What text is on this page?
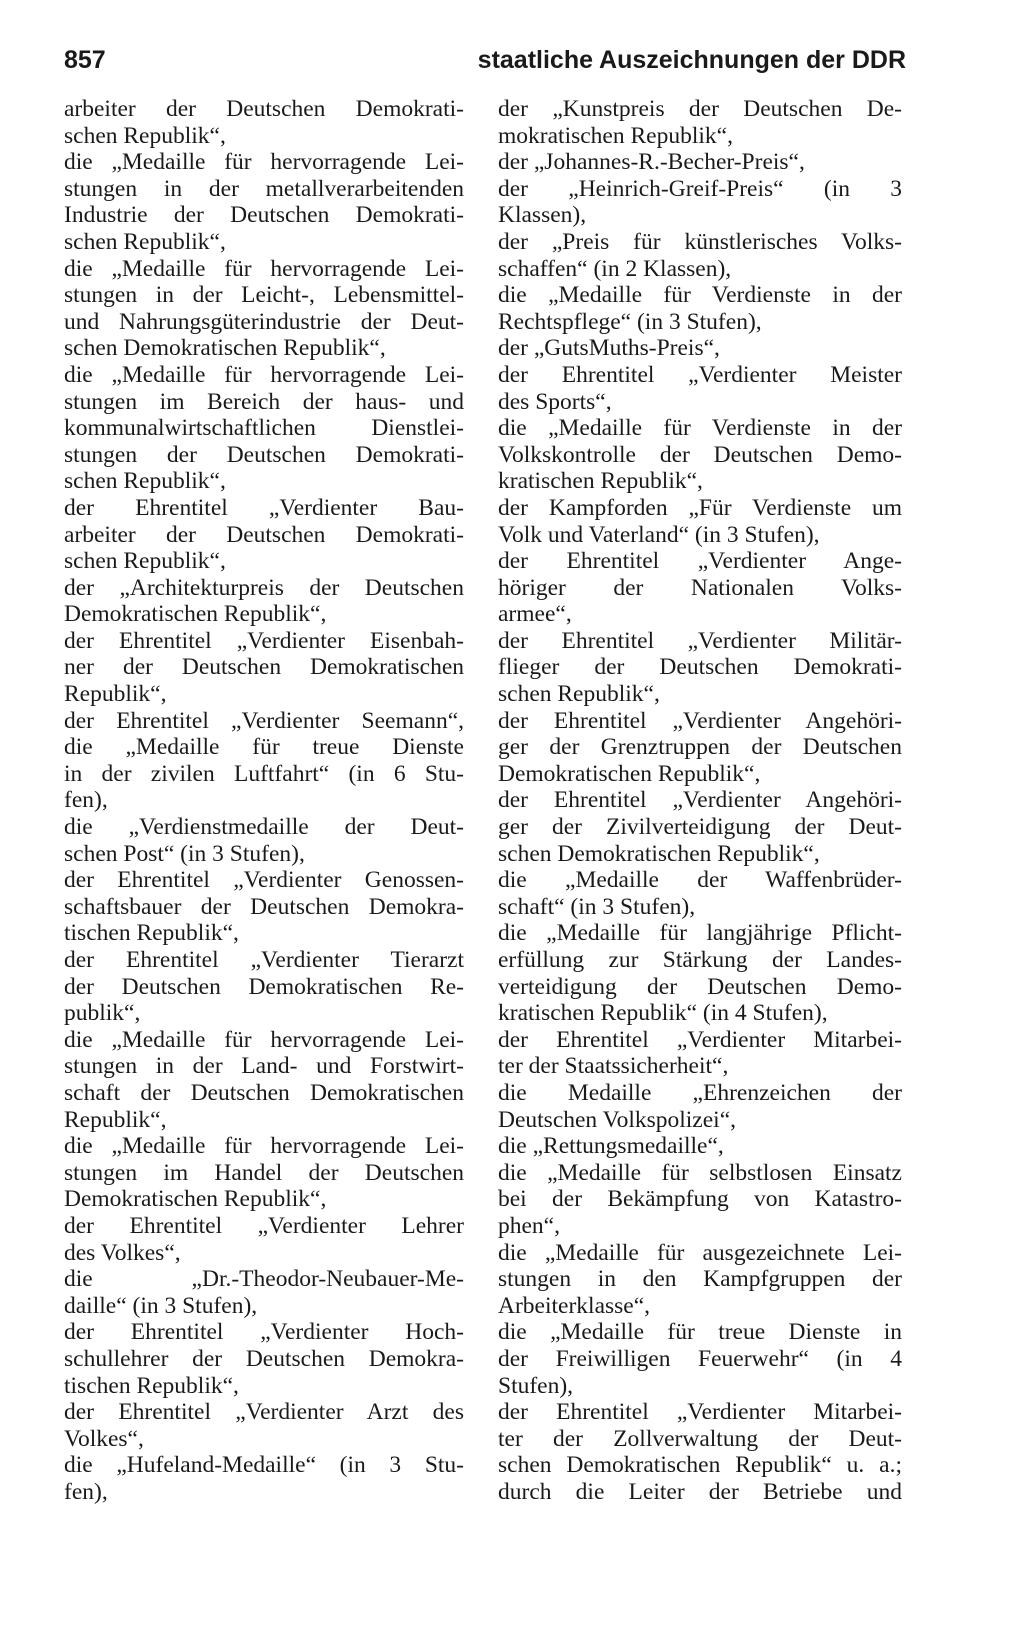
857	staatliche Auszeichnungen der DDR
arbeiter der Deutschen Demokrati-
schen Republik“,
die „Medaille für hervorragende Lei-
stungen in der metallverarbeitenden
Industrie der Deutschen Demokrati-
schen Republik“,
die „Medaille für hervorragende Lei-
stungen in der Leicht-, Lebensmittel-
und Nahrungsgüterindustrie der Deut-
schen Demokratischen Republik“,
die „Medaille für hervorragende Lei-
stungen im Bereich der haus- und
kommunalwirtschaftlichen Dienstlei-
stungen der Deutschen Demokrati-
schen Republik“,
der Ehrentitel „Verdienter Bau-
arbeiter der Deutschen Demokrati-
schen Republik“,
der „Architekturpreis der Deutschen
Demokratischen Republik“,
der Ehrentitel „Verdienter Eisenbah-
ner der Deutschen Demokratischen
Republik“,
der Ehrentitel „Verdienter Seemann“,
die „Medaille für treue Dienste
in der zivilen Luftfahrt“ (in 6 Stu-
fen),
die „Verdienstmedaille der Deut-
schen Post“ (in 3 Stufen),
der Ehrentitel „Verdienter Genossen-
schaftsbauer der Deutschen Demokra-
tischen Republik“,
der Ehrentitel „Verdienter Tierarzt
der Deutschen Demokratischen Re-
publik“,
die „Medaille für hervorragende Lei-
stungen in der Land- und Forstwirt-
schaft der Deutschen Demokratischen
Republik“,
die „Medaille für hervorragende Lei-
stungen im Handel der Deutschen
Demokratischen Republik“,
der Ehrentitel „Verdienter Lehrer
des Volkes“,
die „Dr.-Theodor-Neubauer-Me-
daille“ (in 3 Stufen),
der Ehrentitel „Verdienter Hoch-
schullehrer der Deutschen Demokra-
tischen Republik“,
der Ehrentitel „Verdienter Arzt des
Volkes“,
die „Hufeland-Medaille“ (in 3 Stu-
fen),
der „Kunstpreis der Deutschen De-
mokratischen Republik“,
der „Johannes-R.-Becher-Preis“,
der „Heinrich-Greif-Preis“ (in 3
Klassen),
der „Preis für künstlerisches Volks-
schaffen“ (in 2 Klassen),
die „Medaille für Verdienste in der
Rechtspflege“ (in 3 Stufen),
der „GutsMuths-Preis“,
der Ehrentitel „Verdienter Meister
des Sports“,
die „Medaille für Verdienste in der
Volkskontrolle der Deutschen Demo-
kratischen Republik“,
der Kampforden „Für Verdienste um
Volk und Vaterland“ (in 3 Stufen),
der Ehrentitel „Verdienter Ange-
höriger der Nationalen Volks-
armee“,
der Ehrentitel „Verdienter Militär-
flieger der Deutschen Demokrati-
schen Republik“,
der Ehrentitel „Verdienter Angehöri-
ger der Grenztruppen der Deutschen
Demokratischen Republik“,
der Ehrentitel „Verdienter Angehöri-
ger der Zivilverteidigung der Deut-
schen Demokratischen Republik“,
die „Medaille der Waffenbrüder-
schaft“ (in 3 Stufen),
die „Medaille für langjährige Pflicht-
erfüllung zur Stärkung der Landes-
verteidigung der Deutschen Demo-
kratischen Republik“ (in 4 Stufen),
der Ehrentitel „Verdienter Mitarbei-
ter der Staatssicherheit“,
die Medaille „Ehrenzeichen der
Deutschen Volkspolizei“,
die „Rettungsmedaille“,
die „Medaille für selbstlosen Einsatz
bei der Bekämpfung von Katastro-
phen“,
die „Medaille für ausgezeichnete Lei-
stungen in den Kampfgruppen der
Arbeiterklasse“,
die „Medaille für treue Dienste in
der Freiwilligen Feuerwehr“ (in 4
Stufen),
der Ehrentitel „Verdienter Mitarbei-
ter der Zollverwaltung der Deut-
schen Demokratischen Republik“ u. a.;
durch die Leiter der Betriebe und
